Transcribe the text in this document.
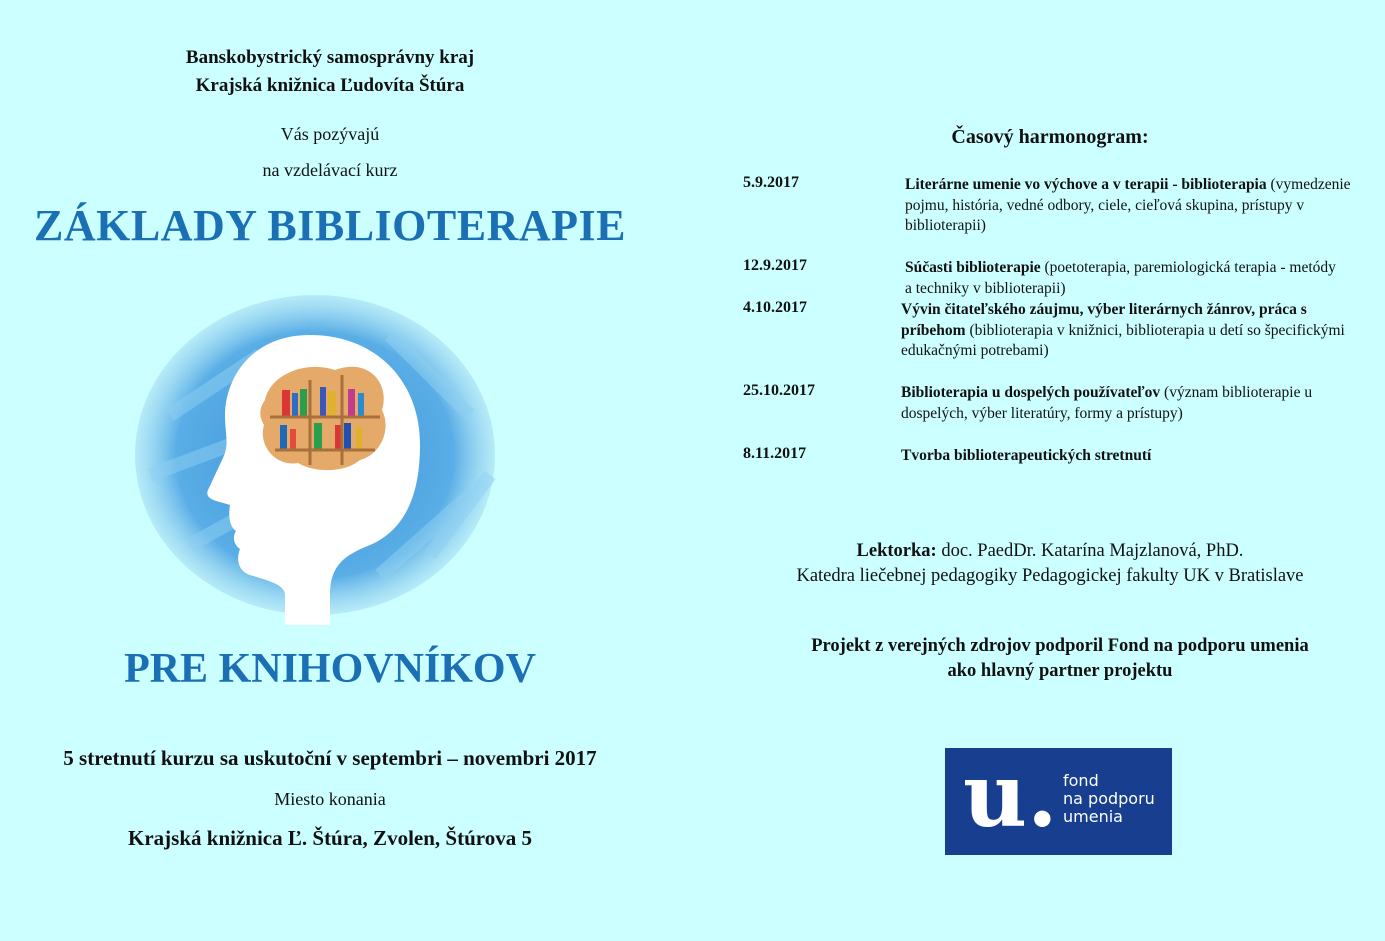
Banskobystrický samosprávny kraj
Krajská knižnica Ľudovíta Štúra
Vás pozývajú
na vzdelávací kurz
ZÁKLADY BIBLIOTERAPIE
PRE KNIHOVNÍKOV
5 stretnutí kurzu sa uskutoční v septembri – novembri 2017
Miesto konania
Krajská knižnica Ľ. Štúra, Zvolen, Štúrova 5
Časový harmonogram:
5.9.2017	Literárne umenie vo výchove a v terapii - biblioterapia (vymedzenie pojmu, história, vedné odbory, ciele, cieľová skupina, prístupy v biblioterapii)
12.9.2017	Súčasti biblioterapie (poetoterapia, paremiologická terapia - metódy a techniky v biblioterapii)
4.10.2017	Vývin čitateľského záujmu, výber literárnych žánrov, práca s príbehom (biblioterapia v knižnici, biblioterapia u detí so špecifickými edukačnými potrebami)
25.10.2017	Biblioterapia u dospelých používateľov (význam biblioterapie u dospelých, výber literatúry, formy a prístupy)
8.11.2017	Tvorba biblioterapeutických stretnutí
Lektorka: doc. PaedDr. Katarína Majzlanová, PhD.
Katedra liečebnej pedagogiky Pedagogickej fakulty UK v Bratislave
Projekt z verejných zdrojov podporil Fond na podporu umenia
ako hlavný partner projektu
u. fond
na podporu
umenia
